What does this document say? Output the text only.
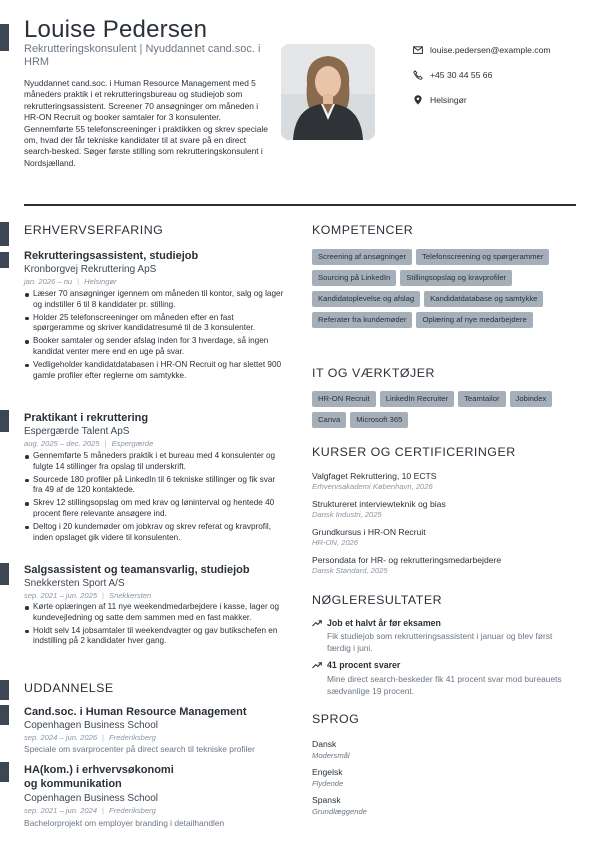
Louise Pedersen
Rekrutteringskonsulent | Nyuddannet cand.soc. i HRM
Nyuddannet cand.soc. i Human Resource Management med 5 måneders praktik i et rekrutteringsbureau og studiejob som rekrutteringsassistent. Screener 70 ansøgninger om måneden i HR-ON Recruit og booker samtaler for 3 konsulenter. Gennemførte 55 telefonscreeninger i praktikken og skrev speciale om, hvad der får tekniske kandidater til at svare på en direct search-besked. Søger første stilling som rekrutteringskonsulent i Nordsjælland.
louise.pedersen@example.com
+45 30 44 55 66
Helsingør
ERHVERVSERFARING
Rekrutteringsassistent, studiejob
Kronborgvej Rekruttering ApS
jan. 2026 – nu | Helsingør
Læser 70 ansøgninger igennem om måneden til kontor, salg og lager og indstiller 6 til 8 kandidater pr. stilling.
Holder 25 telefonscreeninger om måneden efter en fast spørgeramme og skriver kandidatresumé til de 3 konsulenter.
Booker samtaler og sender afslag inden for 3 hverdage, så ingen kandidat venter mere end en uge på svar.
Vedligeholder kandidatdatabasen i HR-ON Recruit og har slettet 900 gamle profiler efter reglerne om samtykke.
Praktikant i rekruttering
Espergærde Talent ApS
aug. 2025 – dec. 2025 | Espergærde
Gennemførte 5 måneders praktik i et bureau med 4 konsulenter og fulgte 14 stillinger fra opslag til underskrift.
Sourcede 180 profiler på LinkedIn til 6 tekniske stillinger og fik svar fra 49 af de 120 kontaktede.
Skrev 12 stillingsopslag om med krav og løninterval og hentede 40 procent flere relevante ansøgere ind.
Deltog i 20 kundemøder om jobkrav og skrev referat og kravprofil, inden opslaget gik videre til konsulenten.
Salgsassistent og teamansvarlig, studiejob
Snekkersten Sport A/S
sep. 2021 – jun. 2025 | Snekkersten
Kørte oplæringen af 11 nye weekendmedarbejdere i kasse, lager og kundevejledning og satte dem sammen med en fast makker.
Holdt selv 14 jobsamtaler til weekendvagter og gav butikschefen en indstilling på 2 kandidater hver gang.
UDDANNELSE
Cand.soc. i Human Resource Management
Copenhagen Business School
sep. 2024 – jun. 2026 | Frederiksberg
Speciale om svarprocenter på direct search til tekniske profiler
HA(kom.) i erhvervsøkonomi
og kommunikation
Copenhagen Business School
sep. 2021 – jun. 2024 | Frederiksberg
Bachelorprojekt om employer branding i detailhandlen
KOMPETENCER
Screening af ansøgninger	Telefonscreening og spørgerammer
Sourcing på LinkedIn	Stillingsopslag og kravprofiler
Kandidatoplevelse og afslag	Kandidatdatabase og samtykke
Referater fra kundemøder	Oplæring af nye medarbejdere
IT OG VÆRKTØJER
HR-ON Recruit	LinkedIn Recruiter	Teamtailor	Jobindex
Canva	Microsoft 365
KURSER OG CERTIFICERINGER
Valgfaget Rekruttering, 10 ECTS
Erhvervsakademi København, 2026
Struktureret interviewteknik og bias
Dansk Industri, 2025
Grundkursus i HR-ON Recruit
HR-ON, 2026
Persondata for HR- og rekrutteringsmedarbejdere
Dansk Standard, 2025
NØGLERESULTATER
Job et halvt år før eksamen
Fik studiejob som rekrutteringsassistent i januar og blev først færdig i juni.
41 procent svarer
Mine direct search-beskeder fik 41 procent svar mod bureauets sædvanlige 19 procent.
SPROG
Dansk
Modersmål
Engelsk
Flydende
Spansk
Grundlæggende
